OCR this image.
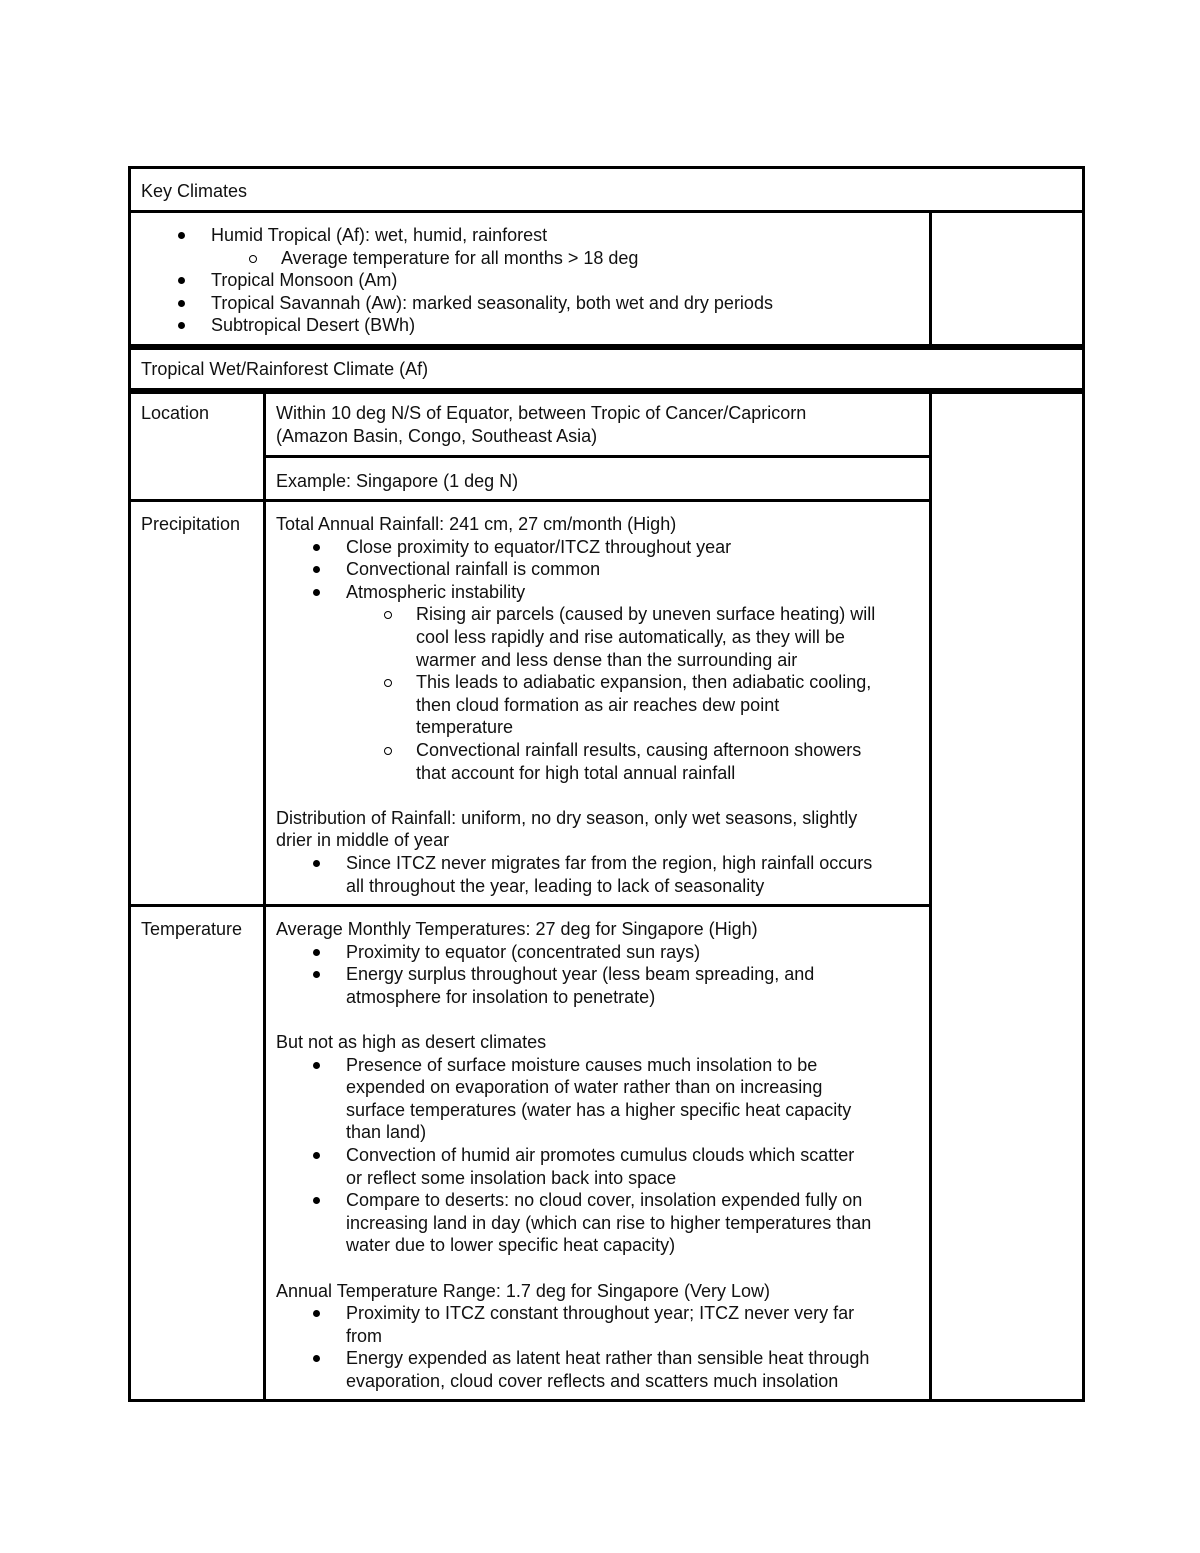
Key Climates
Humid Tropical (Af): wet, humid, rainforest
Average temperature for all months > 18 deg
Tropical Monsoon (Am)
Tropical Savannah (Aw): marked seasonality, both wet and dry periods
Subtropical Desert (BWh)
Tropical Wet/Rainforest Climate (Af)
Location	Within 10 deg N/S of Equator, between Tropic of Cancer/Capricorn
(Amazon Basin, Congo, Southeast Asia)
Example: Singapore (1 deg N)
Precipitation Total Annual Rainfall: 241 cm, 27 cm/month (High)
Close proximity to equator/ITCZ throughout year
Convectional rainfall is common
Atmospheric instability
Rising air parcels (caused by uneven surface heating) will
cool less rapidly and rise automatically, as they will be
warmer and less dense than the surrounding air
This leads to adiabatic expansion, then adiabatic cooling,
then cloud formation as air reaches dew point
temperature
Convectional rainfall results, causing afternoon showers
that account for high total annual rainfall
Distribution of Rainfall: uniform, no dry season, only wet seasons, slightly
drier in middle of year
Since ITCZ never migrates far from the region, high rainfall occurs
all throughout the year, leading to lack of seasonality
Temperature Average Monthly Temperatures: 27 deg for Singapore (High)
Proximity to equator (concentrated sun rays)
Energy surplus throughout year (less beam spreading, and
atmosphere for insolation to penetrate)
But not as high as desert climates
Presence of surface moisture causes much insolation to be
expended on evaporation of water rather than on increasing
surface temperatures (water has a higher specific heat capacity
than land)
Convection of humid air promotes cumulus clouds which scatter
or reflect some insolation back into space
Compare to deserts: no cloud cover, insolation expended fully on
increasing land in day (which can rise to higher temperatures than
water due to lower specific heat capacity)
Annual Temperature Range: 1.7 deg for Singapore (Very Low)
Proximity to ITCZ constant throughout year; ITCZ never very far
from
Energy expended as latent heat rather than sensible heat through
evaporation, cloud cover reflects and scatters much insolation
